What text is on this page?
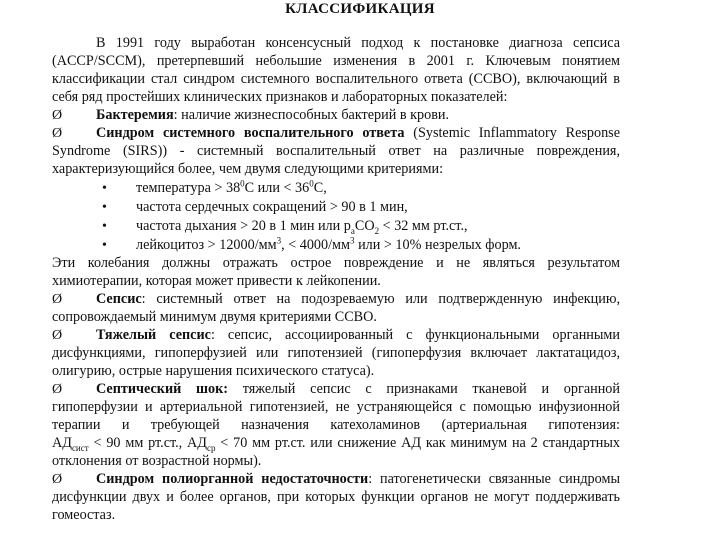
КЛАССИФИКАЦИЯ
В 1991 году выработан консенсусный подход к постановке диагноза сепсиса
(ACCP/SCCM), претерпевший небольшие изменения в 2001 г. Ключевым понятием
классификации стал синдром системного воспалительного ответа (ССВО), включающий в
себя ряд простейших клинических признаков и лабораторных показателей:
Ø Бактеремия: наличие жизнеспособных бактерий в крови.
Ø Синдром системного воспалительного ответа (Systemic Inflammatory Response
Syndrome (SIRS)) - системный воспалительный ответ на различные повреждения,
характеризующийся более, чем двумя следующими критериями:
• температура > $38^0С$ или < $36^0С$,
• частота сердечных сокращений > 90 в 1 мин,
• частота дыхания > 20 в 1 мин или $p_aCO_2 < 32$ мм рт.ст.,
• лейкоцитоз > $12000/мм^3$, < $4000/мм^3$ или > 10% незрелых форм.
Эти колебания должны отражать острое повреждение и не являться результатом
химиотерапии, которая может привести к лейкопении.
Ø Сепсис: системный ответ на подозреваемую или подтвержденную инфекцию,
сопровождаемый минимум двумя критериями ССВО.
Ø Тяжелый сепсис: сепсис, ассоциированный с функциональными органными
дисфункциями, гипоперфузией или гипотензией (гипоперфузия включает лактатацидоз,
олигурию, острые нарушения психического статуса).
Ø Септический шок: тяжелый сепсис с признаками тканевой и органной
гипоперфузии и артериальной гипотензией, не устраняющейся с помощью инфузионной
терапии и требующей назначения катехоламинов (артериальная гипотензия:
$АД_{сист} < 90$ мм рт.ст., $АД_{ср} < 70$ мм рт.ст. или снижение АД как минимум на 2 стандартных
отклонения от возрастной нормы).
Ø Синдром полиорганной недостаточности: патогенетически связанные синдромы
дисфункции двух и более органов, при которых функции органов не могут поддерживать
гомеостаз.
